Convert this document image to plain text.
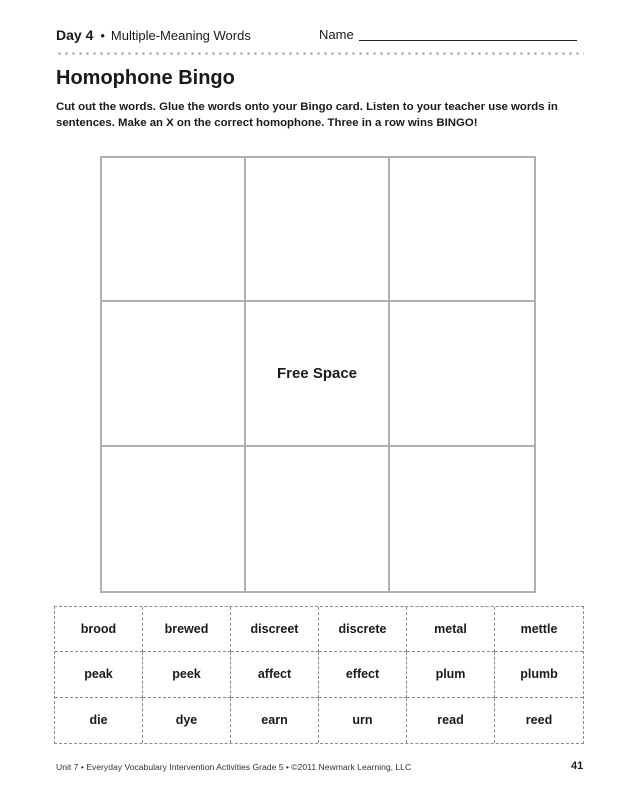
Day 4 • Multiple-Meaning Words	Name
Homophone Bingo

Cut out the words. Glue the words onto your Bingo card. Listen to your teacher use words in sentences. Make an X on the correct homophone. Three in a row wins BINGO!

Free Space
brood	brewed	discreet	discrete	metal	mettle
peak	peek	affect	effect	plum	plumb
die	dye	earn	urn	read	reed
Unit 7 • Everyday Vocabulary Intervention Activities Grade 5 • ©2011 Newmark Learning, LLC	41
